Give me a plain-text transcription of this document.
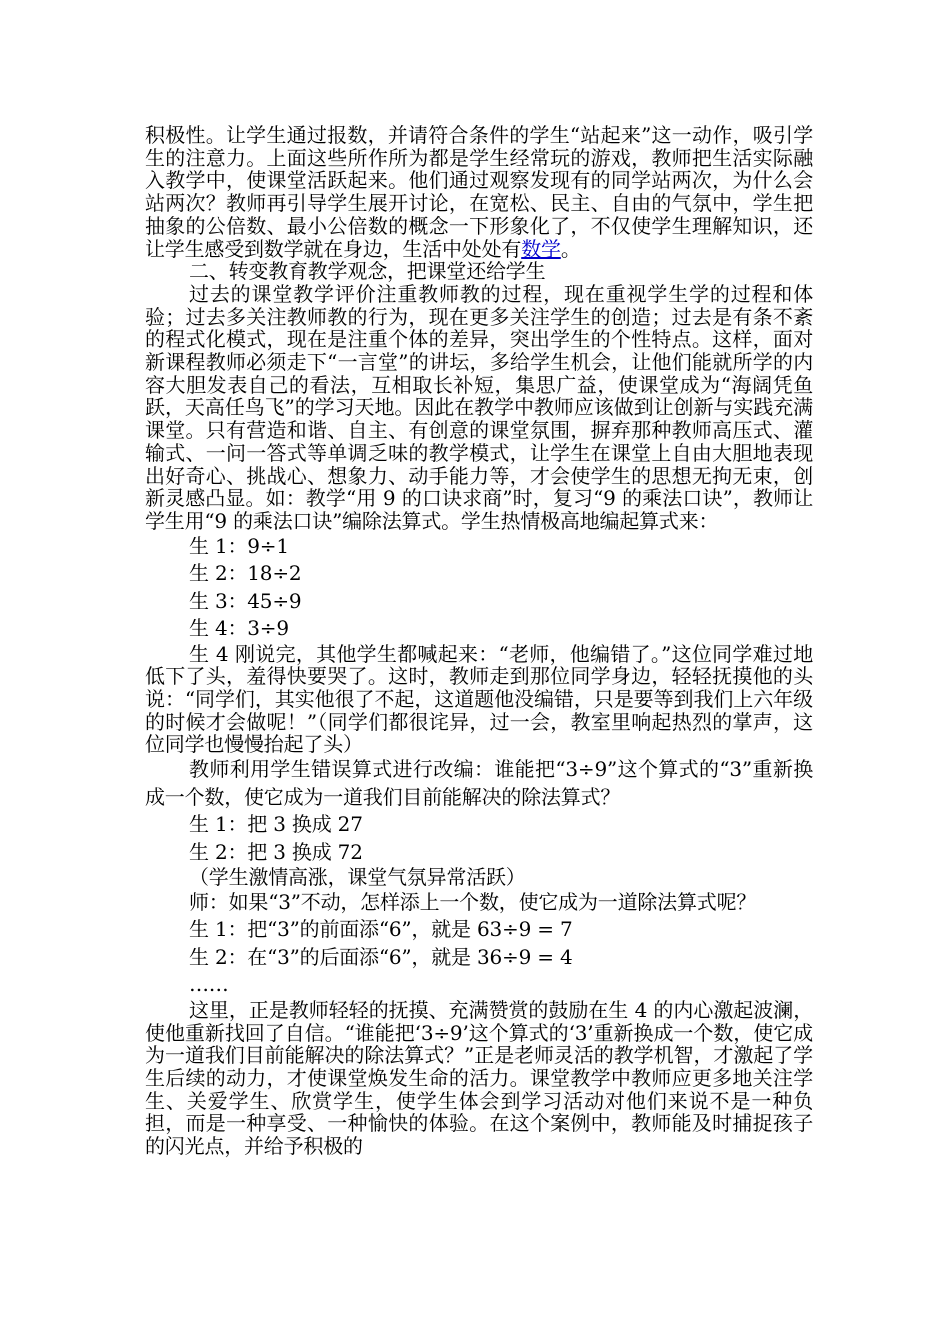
积极性。让学生通过报数，并请符合条件的学生“站起来”这一动作，吸引学生的注意力。上面这些所作所为都是学生经常玩的游戏，教师把生活实际融入教学中，使课堂活跃起来。他们通过观察发现有的同学站两次，为什么会站两次？教师再引导学生展开讨论，在宽松、民主、自由的气氛中，学生把抽象的公倍数、最小公倍数的概念一下形象化了，不仅使学生理解知识，还让学生感受到数学就在身边，生活中处处有数学。

二、转变教育教学观念，把课堂还给学生

过去的课堂教学评价注重教师教的过程，现在重视学生学的过程和体验；过去多关注教师教的行为，现在更多关注学生的创造；过去是有条不紊的程式化模式，现在是注重个体的差异，突出学生的个性特点。这样，面对新课程教师必须走下“一言堂”的讲坛，多给学生机会，让他们能就所学的内容大胆发表自己的看法，互相取长补短，集思广益，使课堂成为“海阔凭鱼跃，天高任鸟飞”的学习天地。因此在教学中教师应该做到让创新与实践充满课堂。只有营造和谐、自主、有创意的课堂氛围，摒弃那种教师高压式、灌输式、一问一答式等单调乏味的教学模式，让学生在课堂上自由大胆地表现出好奇心、挑战心、想象力、动手能力等，才会使学生的思想无拘无束，创新灵感凸显。如：教学“用 9 的口诀求商”时，复习“9 的乘法口诀”，教师让学生用“9 的乘法口诀”编除法算式。学生热情极高地编起算式来：

生 1：9÷1

生 2：18÷2

生 3：45÷9

生 4：3÷9

生 4 刚说完，其他学生都喊起来：“老师，他编错了。”这位同学难过地低下了头，羞得快要哭了。这时，教师走到那位同学身边，轻轻抚摸他的头说：“同学们，其实他很了不起，这道题他没编错，只是要等到我们上六年级的时候才会做呢！”（同学们都很诧异，过一会，教室里响起热烈的掌声，这位同学也慢慢抬起了头）

教师利用学生错误算式进行改编：谁能把“3÷9”这个算式的“3”重新换成一个数，使它成为一道我们目前能解决的除法算式？

生 1：把 3 换成 27

生 2：把 3 换成 72

（学生激情高涨，课堂气氛异常活跃）

师：如果“3”不动，怎样添上一个数，使它成为一道除法算式呢？

生 1：把“3”的前面添“6”，就是 63÷9 = 7

生 2：在“3”的后面添“6”，就是 36÷9 = 4

……

这里，正是教师轻轻的抚摸、充满赞赏的鼓励在生 4 的内心激起波澜，使他重新找回了自信。“谁能把‘3÷9’这个算式的‘3’重新换成一个数，使它成为一道我们目前能解决的除法算式？”正是老师灵活的教学机智，才激起了学生后续的动力，才使课堂焕发生命的活力。课堂教学中教师应更多地关注学生、关爱学生、欣赏学生，使学生体会到学习活动对他们来说不是一种负担，而是一种享受、一种愉快的体验。在这个案例中，教师能及时捕捉孩子的闪光点，并给予积极的
